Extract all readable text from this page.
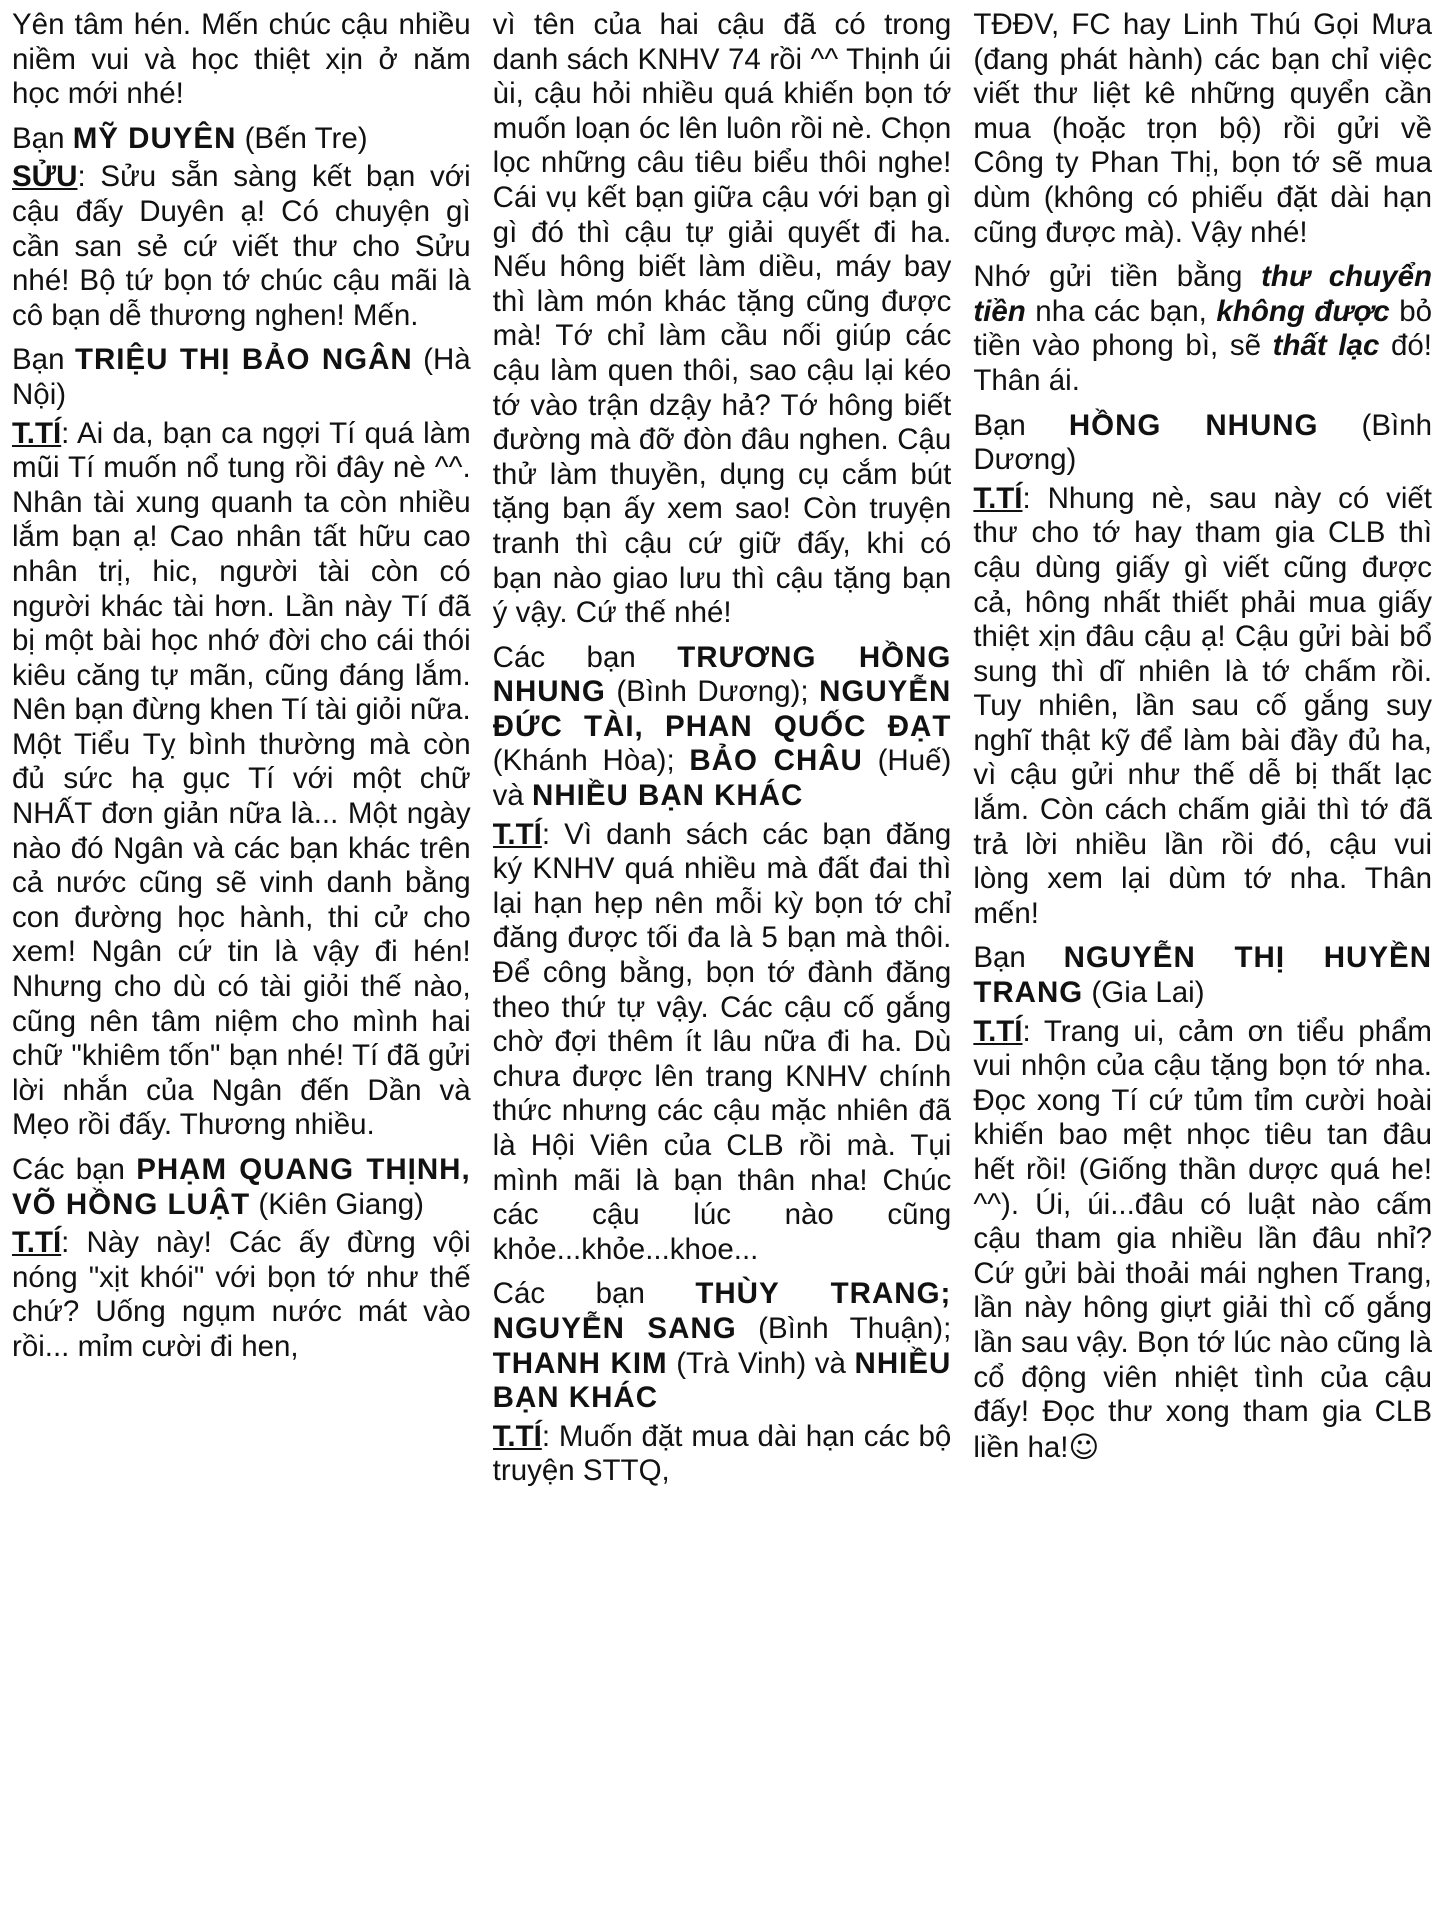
Yên tâm hén. Mến chúc cậu nhiều niềm vui và học thiệt xịn ở năm học mới nhé!

Bạn MỸ DUYÊN (Bến Tre)

SỬU: Sửu sẵn sàng kết bạn với cậu đấy Duyên ạ! Có chuyện gì cần san sẻ cứ viết thư cho Sửu nhé! Bộ tứ bọn tớ chúc cậu mãi là cô bạn dễ thương nghen! Mến.

Bạn TRIỆU THỊ BẢO NGÂN (Hà Nội)

T.TÍ: Ai da, bạn ca ngợi Tí quá làm mũi Tí muốn nổ tung rồi đây nè ^^. Nhân tài xung quanh ta còn nhiều lắm bạn ạ! Cao nhân tất hữu cao nhân trị, hic, người tài còn có người khác tài hơn. Lần này Tí đã bị một bài học nhớ đời cho cái thói kiêu căng tự mãn, cũng đáng lắm. Nên bạn đừng khen Tí tài giỏi nữa. Một Tiểu Tỵ bình thường mà còn đủ sức hạ gục Tí với một chữ NHẤT đơn giản nữa là... Một ngày nào đó Ngân và các bạn khác trên cả nước cũng sẽ vinh danh bằng con đường học hành, thi cử cho xem! Ngân cứ tin là vậy đi hén! Nhưng cho dù có tài giỏi thế nào, cũng nên tâm niệm cho mình hai chữ "khiêm tốn" bạn nhé! Tí đã gửi lời nhắn của Ngân đến Dần và Mẹo rồi đấy. Thương nhiều.

Các bạn PHẠM QUANG THỊNH, VÕ HỒNG LUẬT (Kiên Giang)

T.TÍ: Này này! Các ấy đừng vội nóng "xịt khói" với bọn tớ như thế chứ? Uống ngụm nước mát vào rồi... mỉm cười đi hen,

vì tên của hai cậu đã có trong danh sách KNHV 74 rồi ^^ Thịnh úi ùi, cậu hỏi nhiều quá khiến bọn tớ muốn loạn óc lên luôn rồi nè. Chọn lọc những câu tiêu biểu thôi nghe! Cái vụ kết bạn giữa cậu với bạn gì gì đó thì cậu tự giải quyết đi ha. Nếu hông biết làm diều, máy bay thì làm món khác tặng cũng được mà! Tớ chỉ làm cầu nối giúp các cậu làm quen thôi, sao cậu lại kéo tớ vào trận dzậy hả? Tớ hông biết đường mà đỡ đòn đâu nghen. Cậu thử làm thuyền, dụng cụ cắm bút tặng bạn ấy xem sao! Còn truyện tranh thì cậu cứ giữ đấy, khi có bạn nào giao lưu thì cậu tặng bạn ý vậy. Cứ thế nhé!

Các bạn TRƯƠNG HỒNG NHUNG (Bình Dương); NGUYỄN ĐỨC TÀI, PHAN QUỐC ĐẠT (Khánh Hòa); BẢO CHÂU (Huế) và NHIỀU BẠN KHÁC

T.TÍ: Vì danh sách các bạn đăng ký KNHV quá nhiều mà đất đai thì lại hạn hẹp nên mỗi kỳ bọn tớ chỉ đăng được tối đa là 5 bạn mà thôi. Để công bằng, bọn tớ đành đăng theo thứ tự vậy. Các cậu cố gắng chờ đợi thêm ít lâu nữa đi ha. Dù chưa được lên trang KNHV chính thức nhưng các cậu mặc nhiên đã là Hội Viên của CLB rồi mà. Tụi mình mãi là bạn thân nha! Chúc các cậu lúc nào cũng khỏe...khỏe...khoe...

Các bạn THÙY TRANG; NGUYỄN SANG (Bình Thuận); THANH KIM (Trà Vinh) và NHIỀU BẠN KHÁC

T.TÍ: Muốn đặt mua dài hạn các bộ truyện STTQ,

TĐĐV, FC hay Linh Thú Gọi Mưa (đang phát hành) các bạn chỉ việc viết thư liệt kê những quyển cần mua (hoặc trọn bộ) rồi gửi về Công ty Phan Thị, bọn tớ sẽ mua dùm (không có phiếu đặt dài hạn cũng được mà). Vậy nhé!

Nhớ gửi tiền bằng thư chuyển tiền nha các bạn, không được bỏ tiền vào phong bì, sẽ thất lạc đó! Thân ái.

Bạn HỒNG NHUNG (Bình Dương)

T.TÍ: Nhung nè, sau này có viết thư cho tớ hay tham gia CLB thì cậu dùng giấy gì viết cũng được cả, hông nhất thiết phải mua giấy thiệt xịn đâu cậu ạ! Cậu gửi bài bổ sung thì dĩ nhiên là tớ chấm rồi. Tuy nhiên, lần sau cố gắng suy nghĩ thật kỹ để làm bài đầy đủ ha, vì cậu gửi như thế dễ bị thất lạc lắm. Còn cách chấm giải thì tớ đã trả lời nhiều lần rồi đó, cậu vui lòng xem lại dùm tớ nha. Thân mến!

Bạn NGUYỄN THỊ HUYỀN TRANG (Gia Lai)

T.TÍ: Trang ui, cảm ơn tiểu phẩm vui nhộn của cậu tặng bọn tớ nha. Đọc xong Tí cứ tủm tỉm cười hoài khiến bao mệt nhọc tiêu tan đâu hết rồi! (Giống thần dược quá he! ^^). Úi, úi...đâu có luật nào cấm cậu tham gia nhiều lần đâu nhỉ? Cứ gửi bài thoải mái nghen Trang, lần này hông giựt giải thì cố gắng lần sau vậy. Bọn tớ lúc nào cũng là cổ động viên nhiệt tình của cậu đấy! Đọc thư xong tham gia CLB liền ha!☺
